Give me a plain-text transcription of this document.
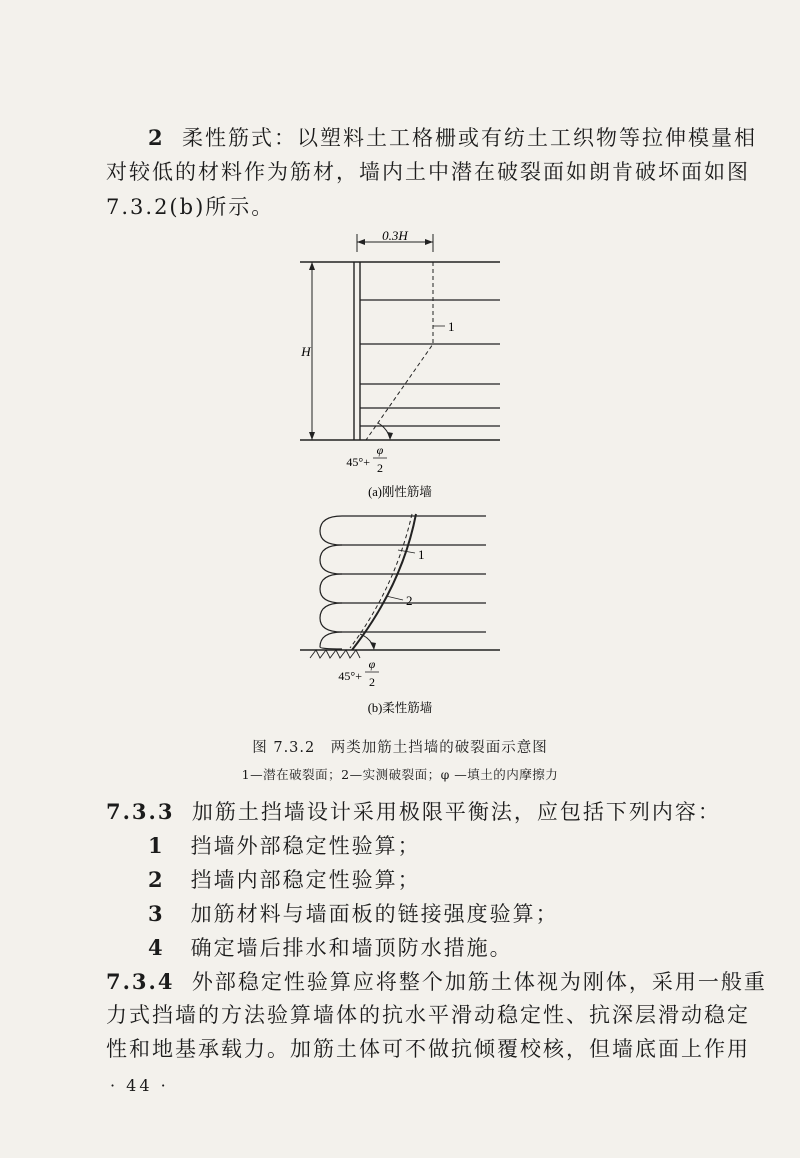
2 柔性筋式：以塑料土工格栅或有纺土工织物等拉伸模量相

对较低的材料作为筋材，墙内土中潜在破裂面如朗肯破坏面如图

7.3.2(b)所示。

0.3H
H
1
45°+
φ
2
(a)刚性筋墙
1
2
45°+
φ
2
(b)柔性筋墙

图 7.3.2　两类加筋土挡墙的破裂面示意图

1—潜在破裂面；2—实测破裂面；φ —填土的内摩擦力

7.3.3 加筋土挡墙设计采用极限平衡法，应包括下列内容：

1 挡墙外部稳定性验算；

2 挡墙内部稳定性验算；

3 加筋材料与墙面板的链接强度验算；

4 确定墙后排水和墙顶防水措施。

7.3.4 外部稳定性验算应将整个加筋土体视为刚体，采用一般重

力式挡墙的方法验算墙体的抗水平滑动稳定性、抗深层滑动稳定

性和地基承载力。加筋土体可不做抗倾覆校核，但墙底面上作用

· 44 ·
